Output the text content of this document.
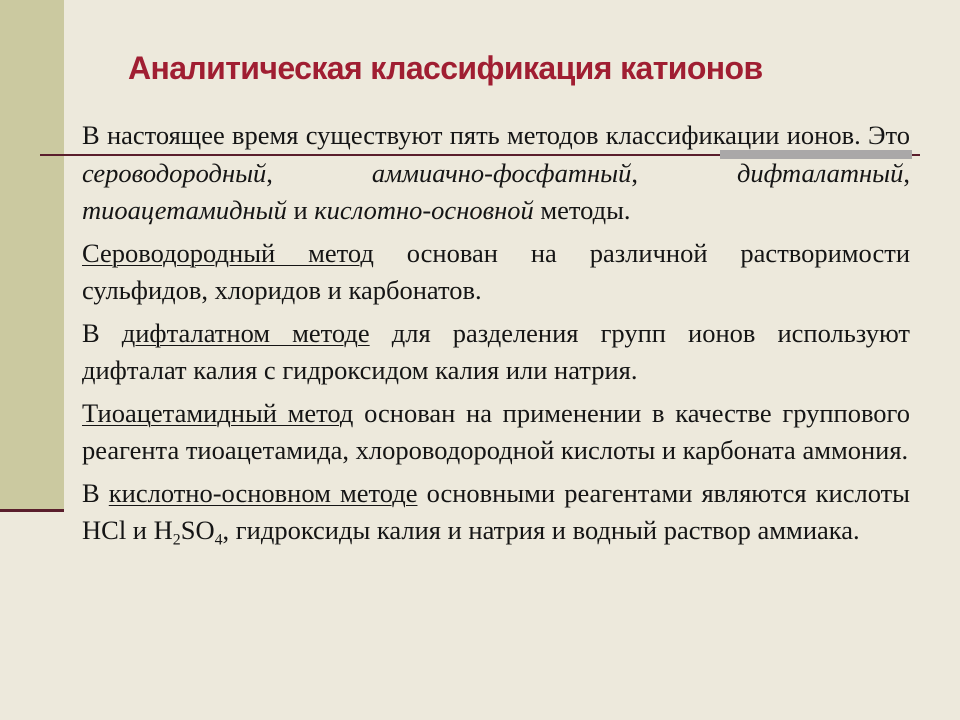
Аналитическая классификация катионов

В настоящее время существуют пять методов классификации ионов. Это сероводородный, аммиачно-фосфатный, дифталатный, тиоацетамидный и кислотно-основной методы.

Сероводородный метод основан на различной растворимости сульфидов, хлоридов и карбонатов.

В дифталатном методе для разделения групп ионов используют дифталат калия с гидроксидом калия или натрия.

Тиоацетамидный метод основан на применении в качестве группового реагента тиоацетамида, хлороводородной кислоты и карбоната аммония.

В кислотно-основном методе основными реагентами являются кислоты HCl и $H_2SO_4$, гидроксиды калия и натрия и водный раствор аммиака.
